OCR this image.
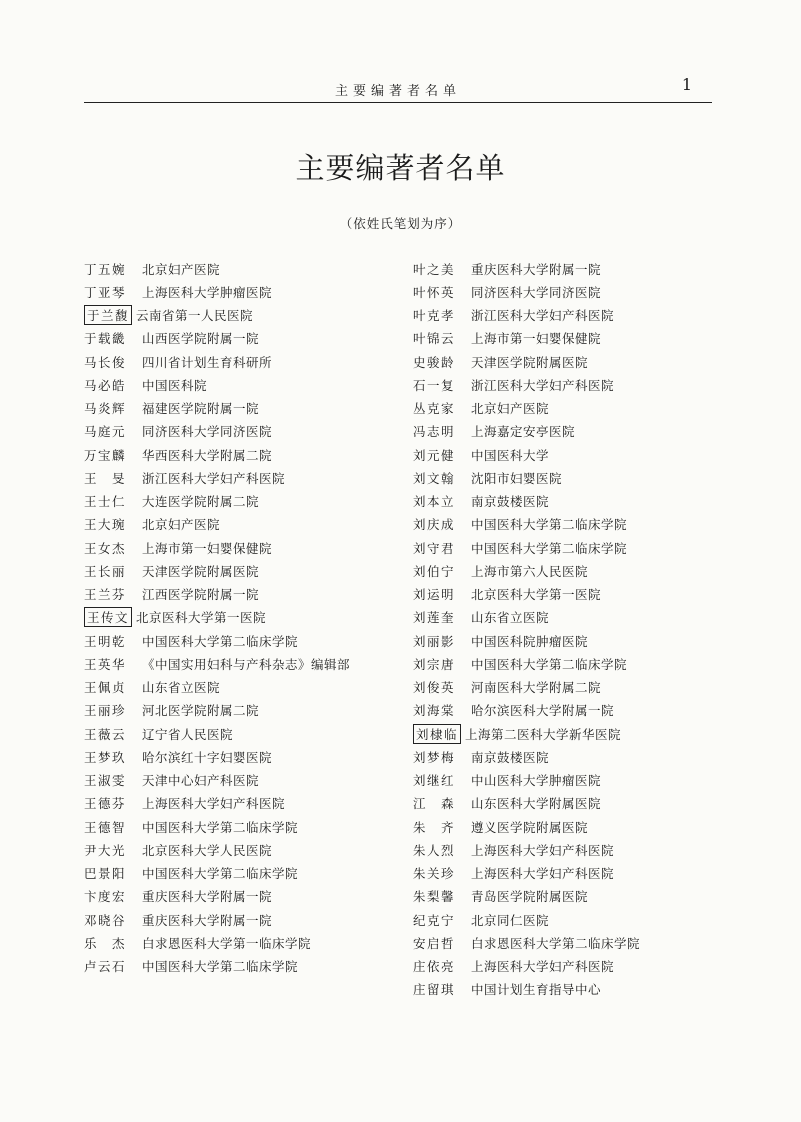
主要编著者名单	1
主要编著者名单
（依姓氏笔划为序）
丁五婉	北京妇产医院
丁亚琴	上海医科大学肿瘤医院
于兰馥 云南省第一人民医院
于载畿	山西医学院附属一院
马长俊	四川省计划生育科研所
马必皓	中国医科院
马炎辉	福建医学院附属一院
马庭元	同济医科大学同济医院
万宝麟	华西医科大学附属二院
王　旻	浙江医科大学妇产科医院
王士仁	大连医学院附属二院
王大琬	北京妇产医院
王女杰	上海市第一妇婴保健院
王长丽	天津医学院附属医院
王兰芬	江西医学院附属一院
王传文 北京医科大学第一医院
王明乾	中国医科大学第二临床学院
王英华	《中国实用妇科与产科杂志》编辑部
王佩贞	山东省立医院
王丽珍	河北医学院附属二院
王薇云	辽宁省人民医院
王梦玖	哈尔滨红十字妇婴医院
王淑雯	天津中心妇产科医院
王德芬	上海医科大学妇产科医院
王德智	中国医科大学第二临床学院
尹大光	北京医科大学人民医院
巴景阳	中国医科大学第二临床学院
卞度宏	重庆医科大学附属一院
邓晓谷	重庆医科大学附属一院
乐　杰	白求恩医科大学第一临床学院
卢云石	中国医科大学第二临床学院
叶之美	重庆医科大学附属一院
叶怀英	同济医科大学同济医院
叶克孝	浙江医科大学妇产科医院
叶锦云	上海市第一妇婴保健院
史骏龄	天津医学院附属医院
石一复	浙江医科大学妇产科医院
丛克家	北京妇产医院
冯志明	上海嘉定安亭医院
刘元健	中国医科大学
刘文翰	沈阳市妇婴医院
刘本立	南京鼓楼医院
刘庆成	中国医科大学第二临床学院
刘守君	中国医科大学第二临床学院
刘伯宁	上海市第六人民医院
刘运明	北京医科大学第一医院
刘莲奎	山东省立医院
刘丽影	中国医科院肿瘤医院
刘宗唐	中国医科大学第二临床学院
刘俊英	河南医科大学附属二院
刘海棠	哈尔滨医科大学附属一院
刘棣临 上海第二医科大学新华医院
刘梦梅	南京鼓楼医院
刘继红	中山医科大学肿瘤医院
江　森	山东医科大学附属医院
朱　齐	遵义医学院附属医院
朱人烈	上海医科大学妇产科医院
朱关珍	上海医科大学妇产科医院
朱梨馨	青岛医学院附属医院
纪克宁	北京同仁医院
安启哲	白求恩医科大学第二临床学院
庄依亮	上海医科大学妇产科医院
庄留琪	中国计划生育指导中心
